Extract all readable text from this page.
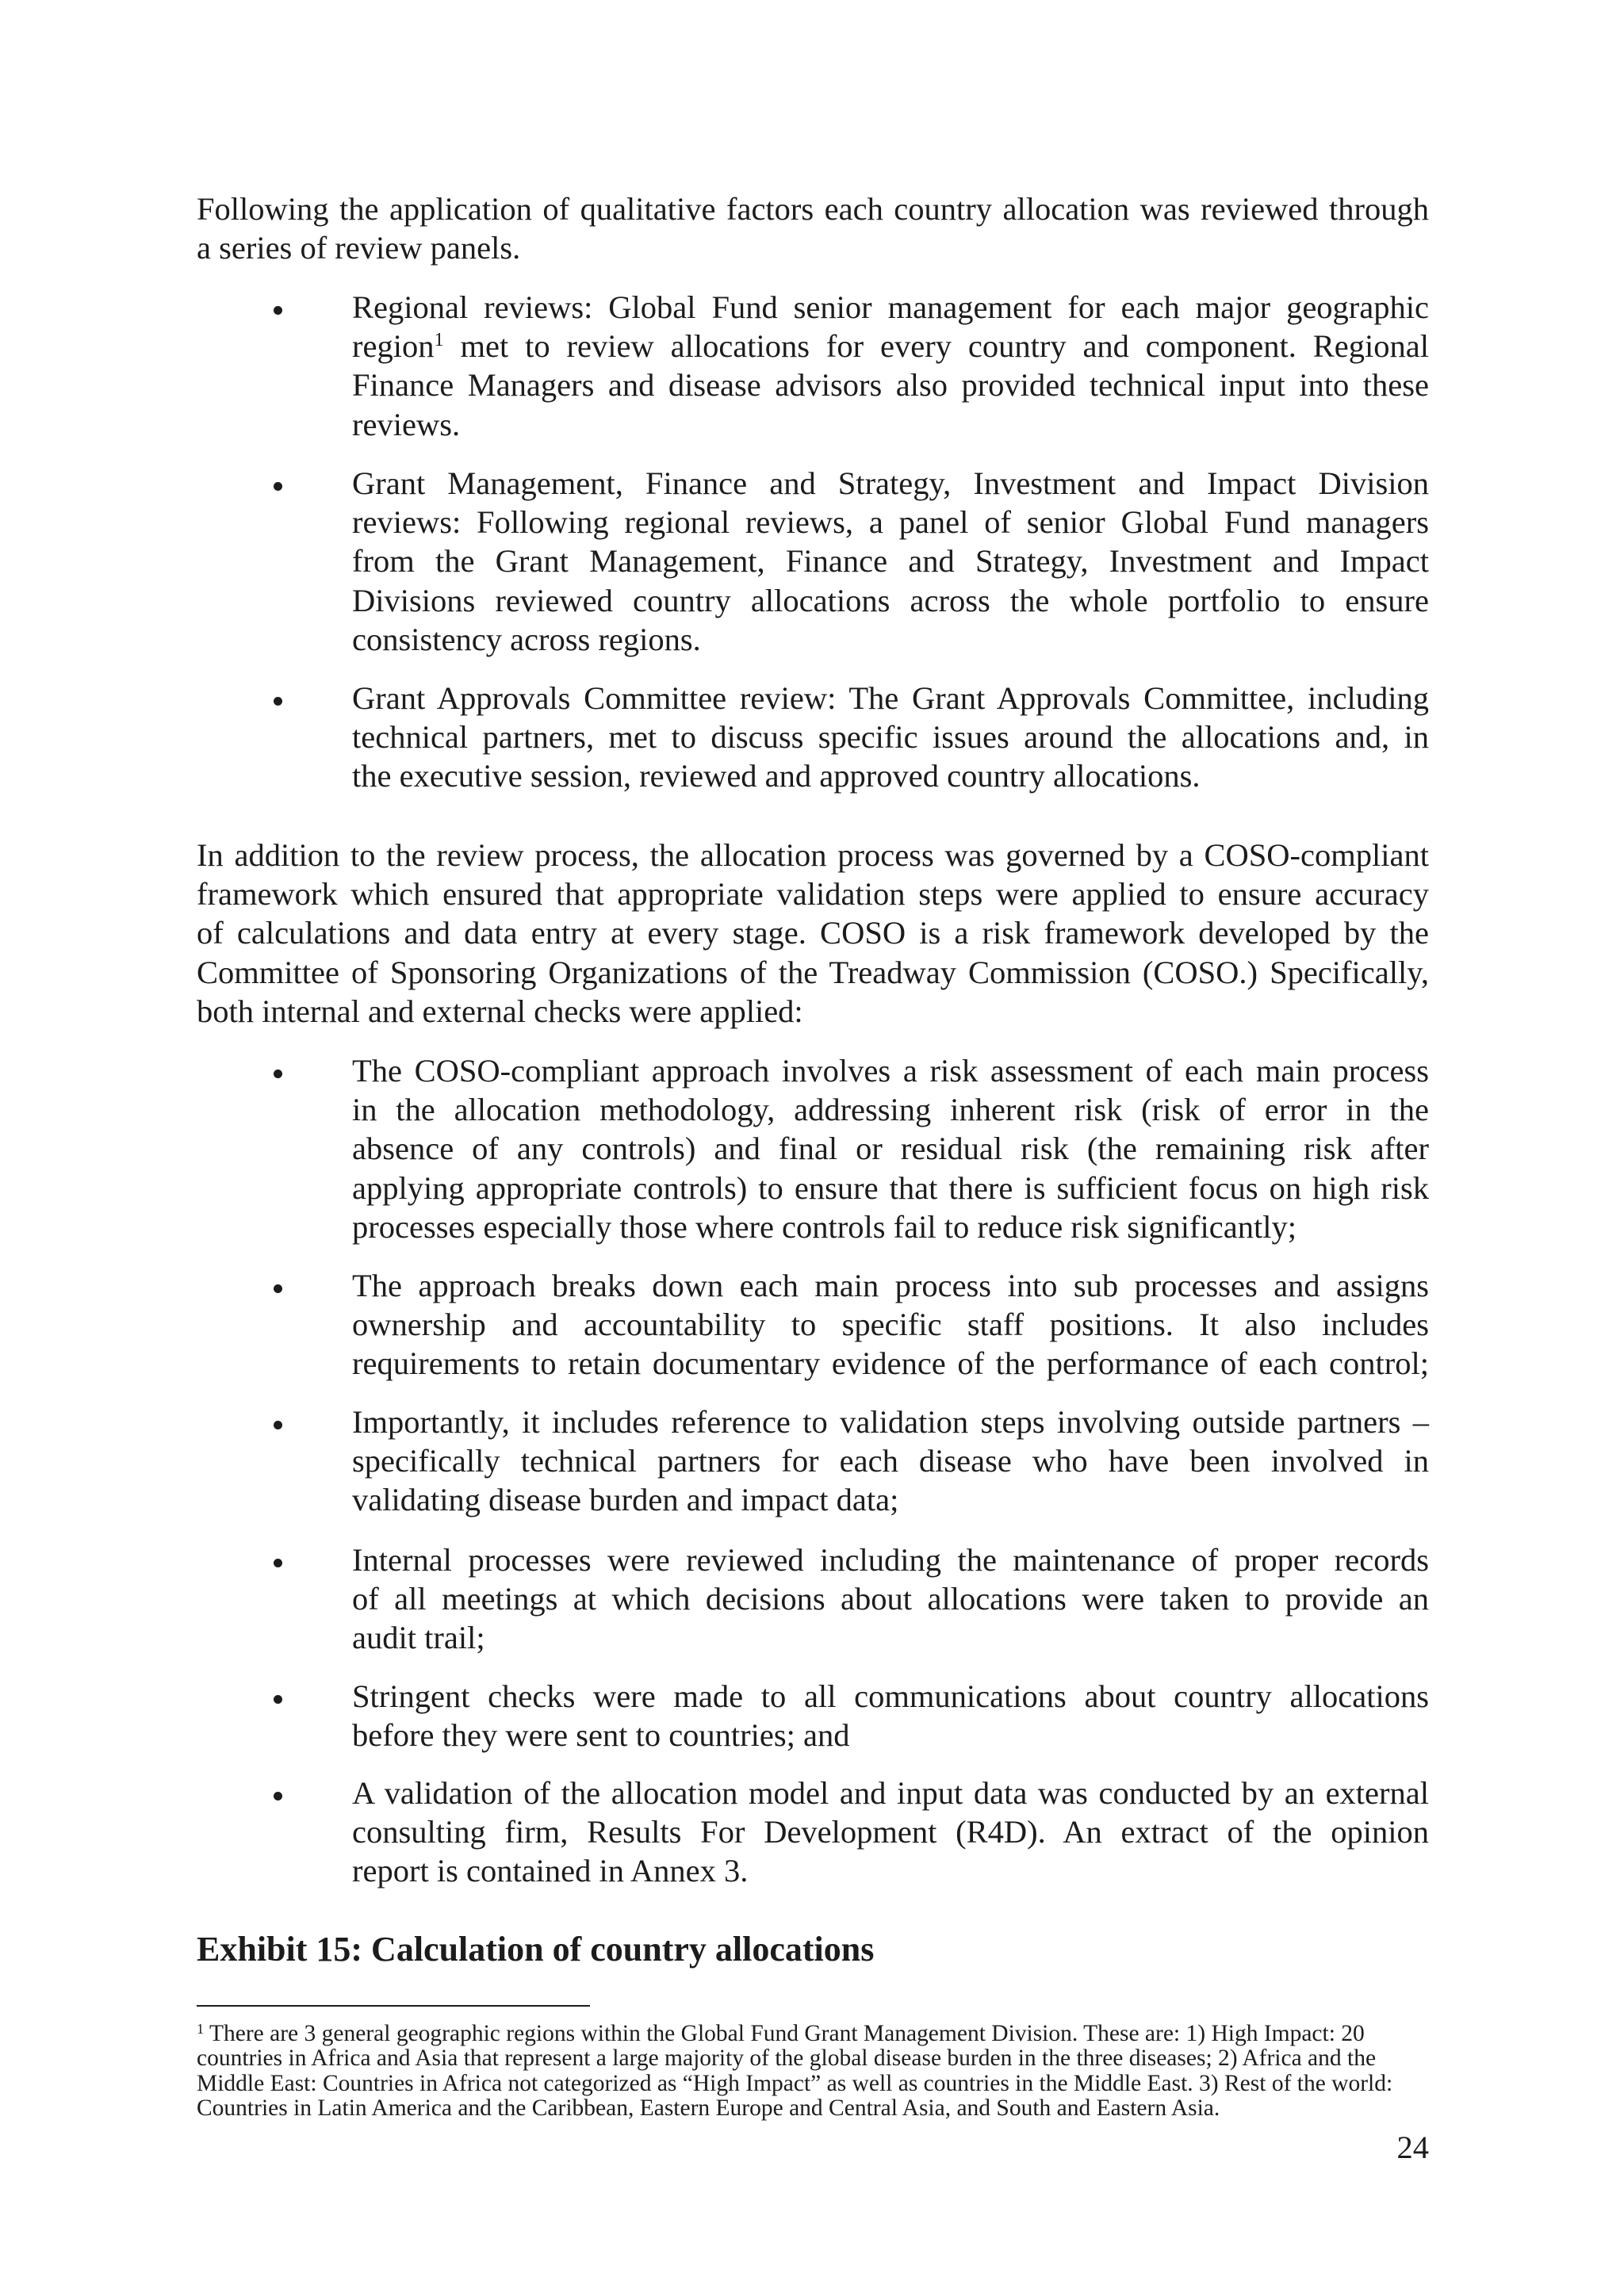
Following the application of qualitative factors each country allocation was reviewed through
a series of review panels.
Regional reviews: Global Fund senior management for each major geographic
region$^1$ met to review allocations for every country and component. Regional
Finance Managers and disease advisors also provided technical input into these
reviews.
Grant Management, Finance and Strategy, Investment and Impact Division
reviews: Following regional reviews, a panel of senior Global Fund managers
from the Grant Management, Finance and Strategy, Investment and Impact
Divisions reviewed country allocations across the whole portfolio to ensure
consistency across regions.
Grant Approvals Committee review: The Grant Approvals Committee, including
technical partners, met to discuss specific issues around the allocations and, in
the executive session, reviewed and approved country allocations.
In addition to the review process, the allocation process was governed by a COSO-compliant
framework which ensured that appropriate validation steps were applied to ensure accuracy
of calculations and data entry at every stage. COSO is a risk framework developed by the
Committee of Sponsoring Organizations of the Treadway Commission (COSO.) Specifically,
both internal and external checks were applied:
The COSO-compliant approach involves a risk assessment of each main process
in the allocation methodology, addressing inherent risk (risk of error in the
absence of any controls) and final or residual risk (the remaining risk after
applying appropriate controls) to ensure that there is sufficient focus on high risk
processes especially those where controls fail to reduce risk significantly;
The approach breaks down each main process into sub processes and assigns
ownership and accountability to specific staff positions. It also includes
requirements to retain documentary evidence of the performance of each control;
Importantly, it includes reference to validation steps involving outside partners –
specifically technical partners for each disease who have been involved in
validating disease burden and impact data;
Internal processes were reviewed including the maintenance of proper records
of all meetings at which decisions about allocations were taken to provide an
audit trail;
Stringent checks were made to all communications about country allocations
before they were sent to countries; and
A validation of the allocation model and input data was conducted by an external
consulting firm, Results For Development (R4D). An extract of the opinion
report is contained in Annex 3.
Exhibit 15: Calculation of country allocations
$^1$ There are 3 general geographic regions within the Global Fund Grant Management Division. These are: 1) High Impact: 20
countries in Africa and Asia that represent a large majority of the global disease burden in the three diseases; 2) Africa and the
Middle East: Countries in Africa not categorized as “High Impact” as well as countries in the Middle East. 3) Rest of the world:
Countries in Latin America and the Caribbean, Eastern Europe and Central Asia, and South and Eastern Asia.
24
